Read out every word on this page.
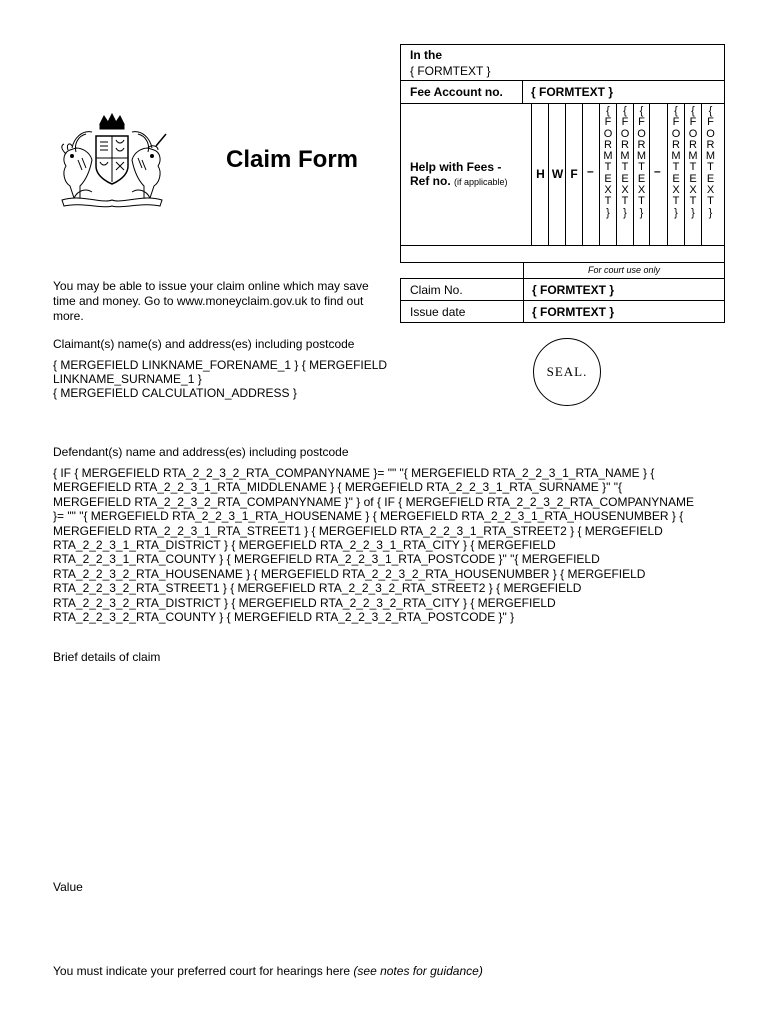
Claim Form
In the
{ FORMTEXT }
Fee Account no. { FORMTEXT }
Help with Fees -
Ref no. (if applicable)
H W F –
{
F
O
R
M
T
E
X
T
}
{
F
O
R
M
T
E
X
T
}
{
F
O
R
M
T
E
X
T
}
–
{
F
O
R
M
T
E
X
T
}
{
F
O
R
M
T
E
X
T
}
{
F
O
R
M
T
E
X
T
}
For court use only
Claim No.	{ FORMTEXT }
Issue date	{ FORMTEXT }
You may be able to issue your claim online which may save time and money. Go to www.moneyclaim.gov.uk to find out more.
Claimant(s) name(s) and address(es) including postcode
{ MERGEFIELD LINKNAME_FORENAME_1 } { MERGEFIELD LINKNAME_SURNAME_1 }
{ MERGEFIELD CALCULATION_ADDRESS }
SEAL.
Defendant(s) name and address(es) including postcode
{ IF { MERGEFIELD RTA_2_2_3_2_RTA_COMPANYNAME }= "" "{ MERGEFIELD RTA_2_2_3_1_RTA_NAME } { MERGEFIELD RTA_2_2_3_1_RTA_MIDDLENAME } { MERGEFIELD RTA_2_2_3_1_RTA_SURNAME }" "{ MERGEFIELD RTA_2_2_3_2_RTA_COMPANYNAME }" } of { IF { MERGEFIELD RTA_2_2_3_2_RTA_COMPANYNAME }= "" "{ MERGEFIELD RTA_2_2_3_1_RTA_HOUSENAME } { MERGEFIELD RTA_2_2_3_1_RTA_HOUSENUMBER } { MERGEFIELD RTA_2_2_3_1_RTA_STREET1 } { MERGEFIELD RTA_2_2_3_1_RTA_STREET2 } { MERGEFIELD RTA_2_2_3_1_RTA_DISTRICT } { MERGEFIELD RTA_2_2_3_1_RTA_CITY } { MERGEFIELD RTA_2_2_3_1_RTA_COUNTY } { MERGEFIELD RTA_2_2_3_1_RTA_POSTCODE }" "{ MERGEFIELD RTA_2_2_3_2_RTA_HOUSENAME } { MERGEFIELD RTA_2_2_3_2_RTA_HOUSENUMBER } { MERGEFIELD RTA_2_2_3_2_RTA_STREET1 } { MERGEFIELD RTA_2_2_3_2_RTA_STREET2 } { MERGEFIELD RTA_2_2_3_2_RTA_DISTRICT } { MERGEFIELD RTA_2_2_3_2_RTA_CITY } { MERGEFIELD RTA_2_2_3_2_RTA_COUNTY } { MERGEFIELD RTA_2_2_3_2_RTA_POSTCODE }" }
Brief details of claim
Value
You must indicate your preferred court for hearings here (see notes for guidance)
